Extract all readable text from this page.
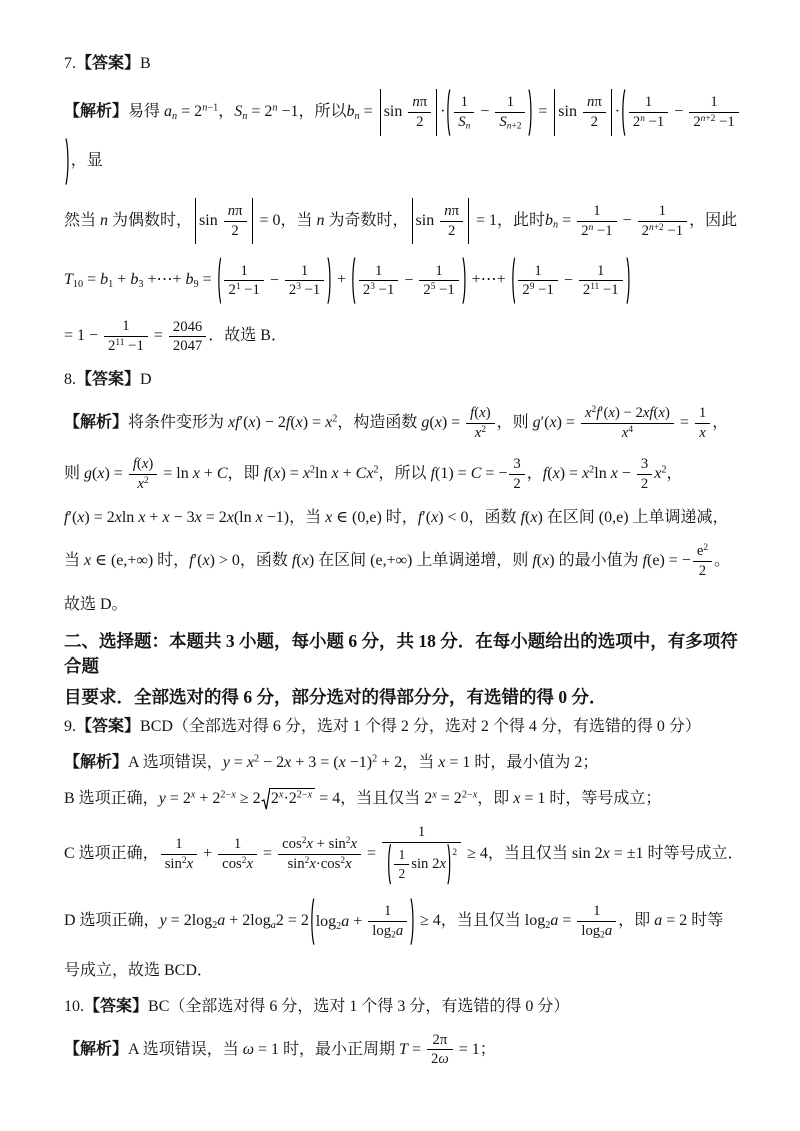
7.【答案】B
【解析】易得 $a_n = 2^{n-1}$，$S_n = 2^n -1$，所以$b_n = \sin \frac{n\pi}{2} \cdot \frac{1}{S_n} - \frac{1}{S_{n+2}} = \sin \frac{n\pi}{2} \cdot \frac{1}{2^n -1} - \frac{1}{2^{n+2} -1}$
，显
然当 n 为偶数时， $\sin \frac{n\pi}{2} = 0$，当 n 为奇数时， $\sin \frac{n\pi}{2} = 1$，此时$b_n = \frac{1}{2^n -1} - \frac{1}{2^{n+2} -1}$ ，因此
$T_{10} = b_1 + b_3$ +⋯+ $b_9 = \frac{1}{2^1 -1} - \frac{1}{2^3 -1} + \frac{1}{2^3 -1} - \frac{1}{2^5 -1}$ +⋯+ $\frac{1}{2^9 -1} - \frac{1}{2^{11} -1}$
= $1 - \frac{1}{2^{11} -1} = \frac{2046}{2047}$ ．故选 B．
8.【答案】D
【解析】将条件变形为 $xf'(x) - 2f(x) = x^2$，构造函数 $g(x) = \frac{f(x)}{x^2}$ ，则 $g'(x) = \frac{x^2f'(x) - 2xf(x)}{x^4} = \frac{1}{x}$ ，
则 $g(x) = \frac{f(x)}{x^2} = \ln x + C$，即 $f(x) = x^2\ln$ $x + Cx^2$，所以 f(1) = C = − $\frac{3}{2}$ ，$f(x) = x^2\ln$ $x - \frac{3}{2} x^2$，
f′(x) = 2xln x + x − 3x = 2x(ln x −1)，当 x ∈ (0,e) 时，f′(x) < 0，函数 f(x) 在区间 (0,e) 上单调递减，
当 x ∈ (e,+∞) 时，f′(x) > 0，函数 f(x) 在区间 (e,+∞) 上单调递增，则 f(x) 的最小值为 f(e) = − $\frac{e^2}{2}$ 。
故选 D。
二、选择题：本题共 3 小题，每小题 6 分，共 18 分．在每小题给出的选项中，有多项符合题
目要求．全部选对的得 6 分，部分选对的得部分分，有选错的得 0 分．
9.【答案】BCD（全部选对得 6 分，选对 1 个得 2 分，选对 2 个得 4 分，有选错的得 0 分）
【解析】A 选项错误，$y = x^2 - 2x + 3 = (x -1)^2 + 2$，当 x = 1 时，最小值为 2；
B 选项正确，$y = 2^x + 2^{2-x} \ge 2$ $2^x\cdot 2^{2-x} = 4$，当且仅当 $2^x = 2^{2-x}$，即 x = 1 时，等号成立；
C 选项正确， $\frac{1}{\sin^2x} + \frac{1}{\cos^2x} = \frac{\cos^2x + \sin^2x}{\sin^2x\cdot\cos^2x} = 1$
$\frac{1}{2}$ sin 2x
$^2$ ≥ 4，当且仅当 sin 2x = ±1 时等号成立．
D 选项正确，$y = 2\log_2a + 2\log_a2 = 2$ $\log_2a + \frac{1}{\log_2a} \ge 4$，当且仅当 $\log_2a = \frac{1}{\log_2a}$ ，即 a = 2 时等
号成立，故选 BCD．
10.【答案】BC（全部选对得 6 分，选对 1 个得 3 分，有选错的得 0 分）
【解析】A 选项错误，当 ω = 1 时，最小正周期 $T = \frac{2\pi}{2\omega} = 1$；
